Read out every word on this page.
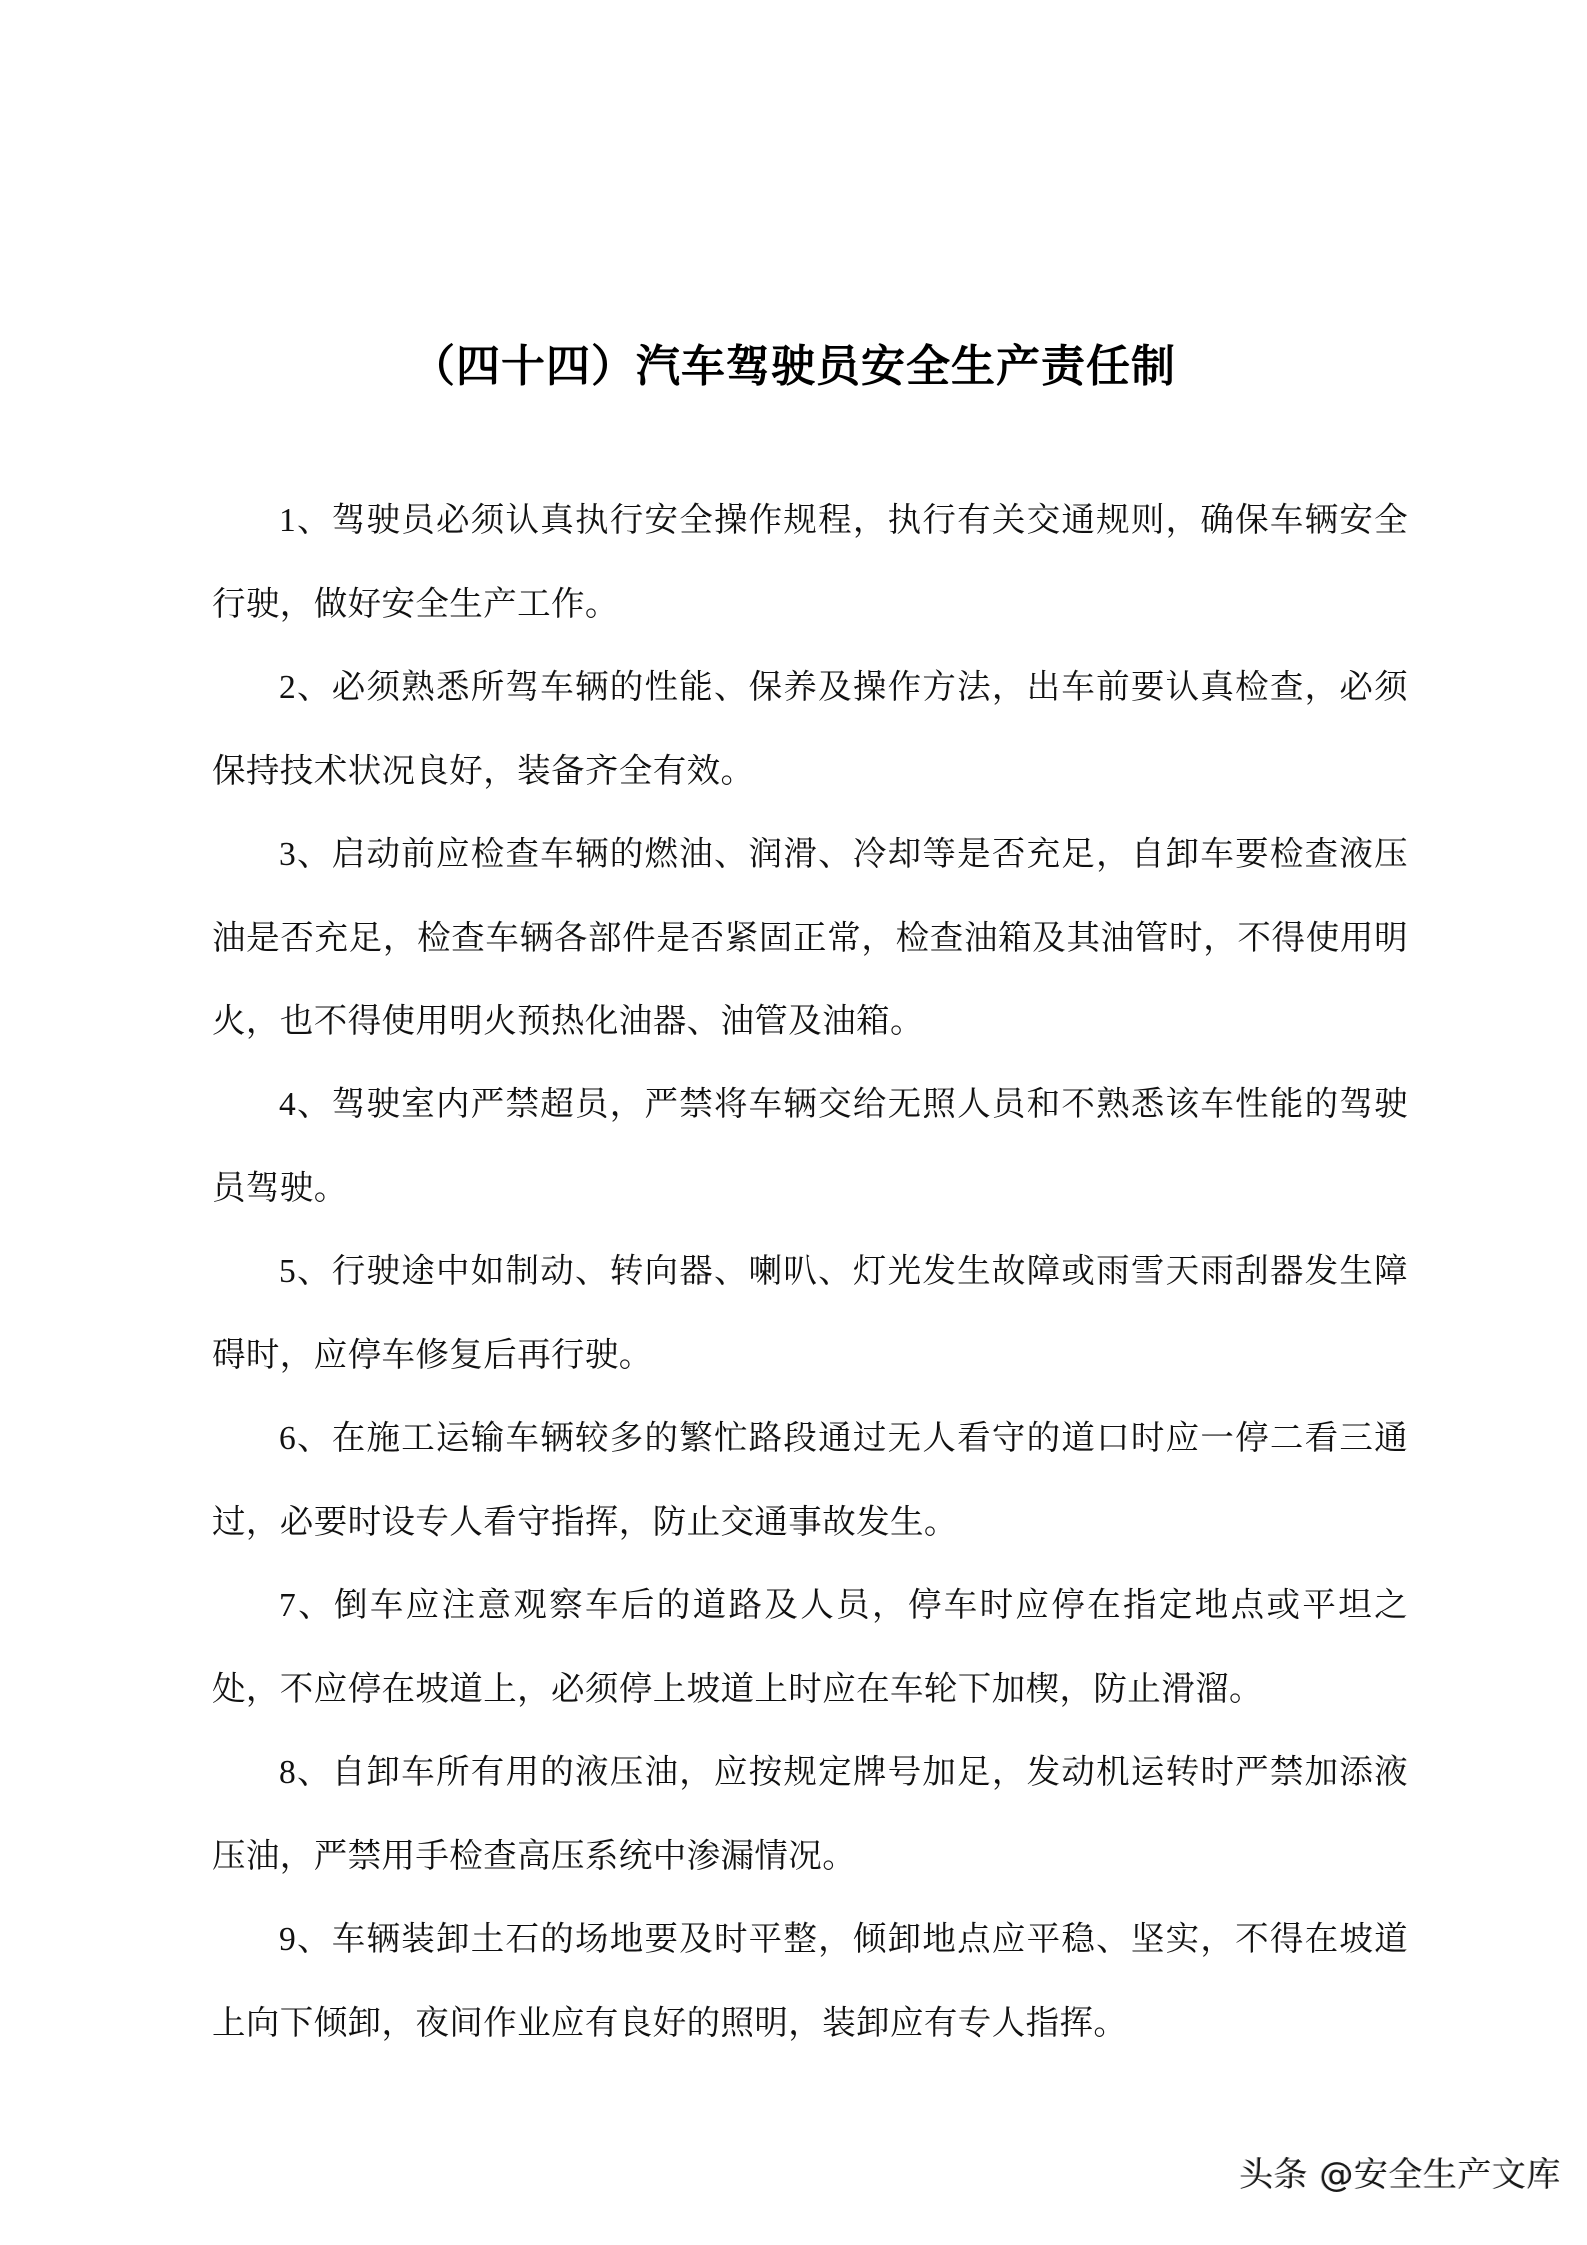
（四十四）汽车驾驶员安全生产责任制

1、驾驶员必须认真执行安全操作规程，执行有关交通规则，确保车辆安全行驶，做好安全生产工作。

2、必须熟悉所驾车辆的性能、保养及操作方法，出车前要认真检查，必须保持技术状况良好，装备齐全有效。

3、启动前应检查车辆的燃油、润滑、冷却等是否充足，自卸车要检查液压油是否充足，检查车辆各部件是否紧固正常，检查油箱及其油管时，不得使用明火，也不得使用明火预热化油器、油管及油箱。

4、驾驶室内严禁超员，严禁将车辆交给无照人员和不熟悉该车性能的驾驶员驾驶。

5、行驶途中如制动、转向器、喇叭、灯光发生故障或雨雪天雨刮器发生障碍时，应停车修复后再行驶。

6、在施工运输车辆较多的繁忙路段通过无人看守的道口时应一停二看三通过，必要时设专人看守指挥，防止交通事故发生。

7、倒车应注意观察车后的道路及人员，停车时应停在指定地点或平坦之处，不应停在坡道上，必须停上坡道上时应在车轮下加楔，防止滑溜。

8、自卸车所有用的液压油，应按规定牌号加足，发动机运转时严禁加添液压油，严禁用手检查高压系统中渗漏情况。

9、车辆装卸土石的场地要及时平整，倾卸地点应平稳、坚实，不得在坡道上向下倾卸，夜间作业应有良好的照明，装卸应有专人指挥。

头条 @安全生产文库
